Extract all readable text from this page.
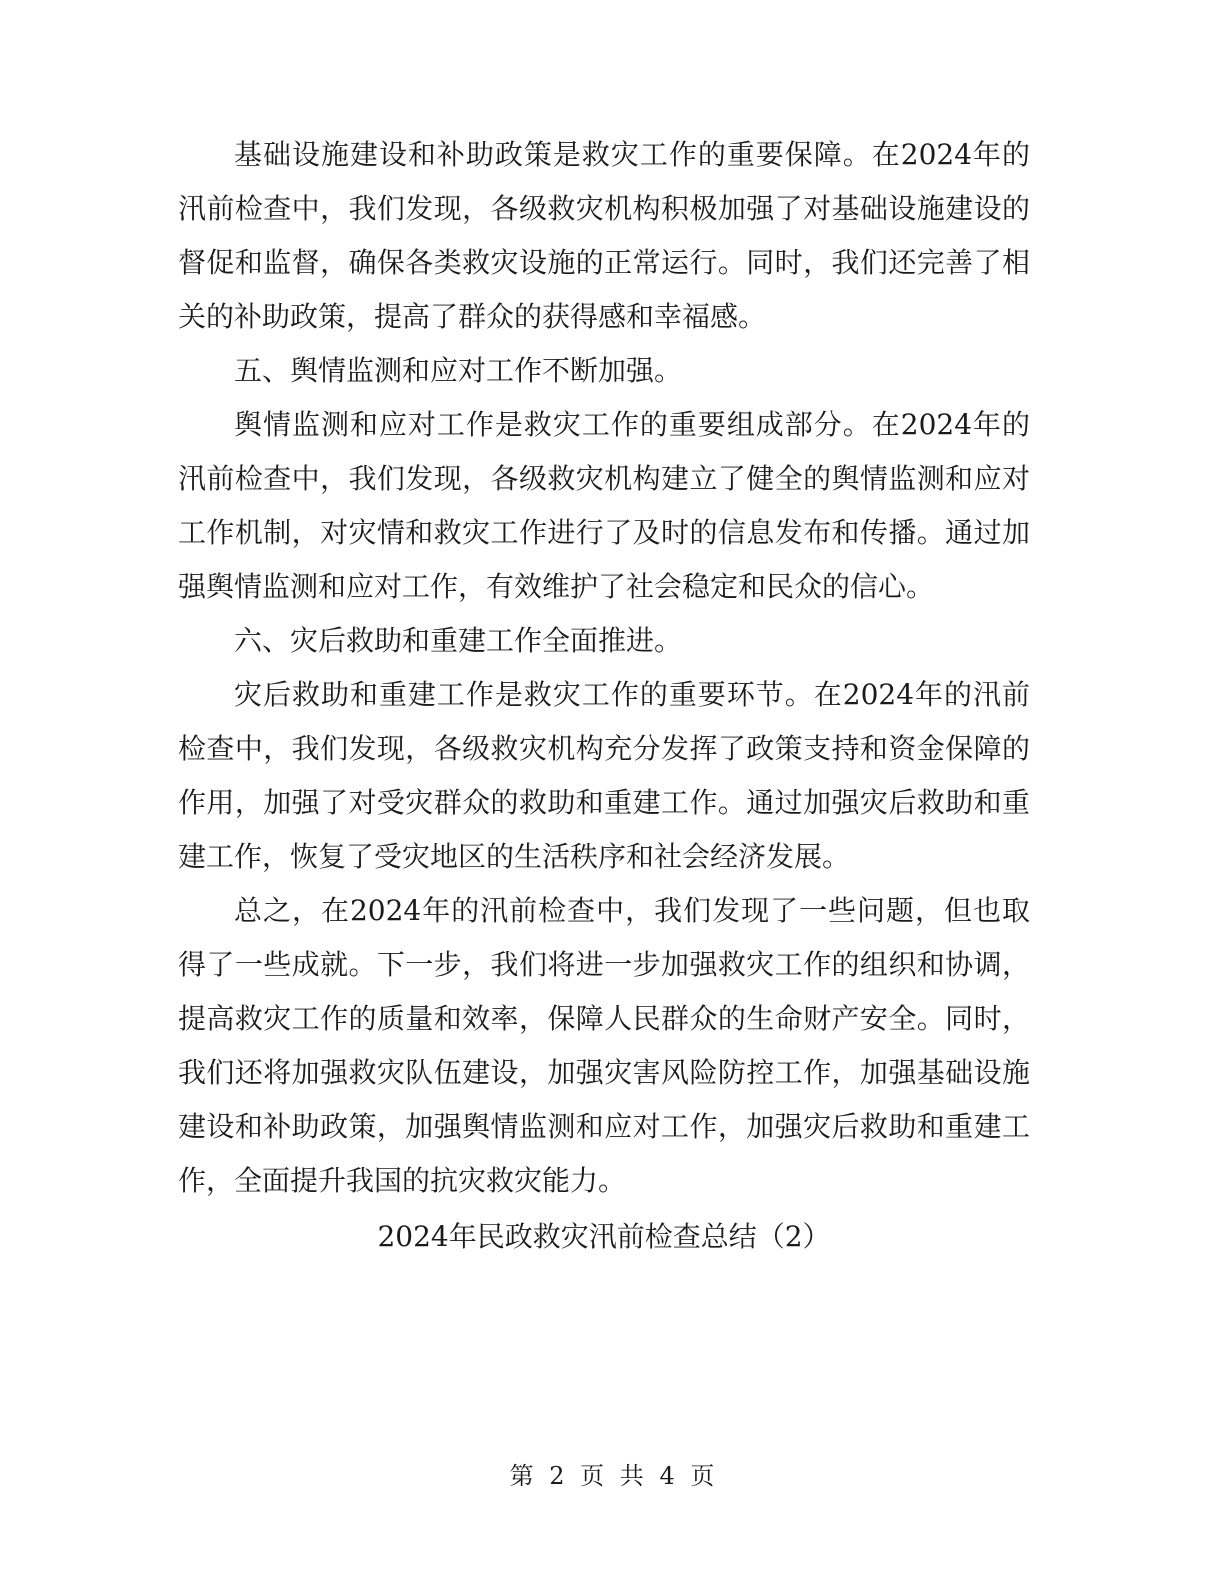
基础设施建设和补助政策是救灾工作的重要保障。在2024年的汛前检查中，我们发现，各级救灾机构积极加强了对基础设施建设的督促和监督，确保各类救灾设施的正常运行。同时，我们还完善了相关的补助政策，提高了群众的获得感和幸福感。

五、舆情监测和应对工作不断加强。

舆情监测和应对工作是救灾工作的重要组成部分。在2024年的汛前检查中，我们发现，各级救灾机构建立了健全的舆情监测和应对工作机制，对灾情和救灾工作进行了及时的信息发布和传播。通过加强舆情监测和应对工作，有效维护了社会稳定和民众的信心。

六、灾后救助和重建工作全面推进。

灾后救助和重建工作是救灾工作的重要环节。在2024年的汛前检查中，我们发现，各级救灾机构充分发挥了政策支持和资金保障的作用，加强了对受灾群众的救助和重建工作。通过加强灾后救助和重建工作，恢复了受灾地区的生活秩序和社会经济发展。

总之，在2024年的汛前检查中，我们发现了一些问题，但也取得了一些成就。下一步，我们将进一步加强救灾工作的组织和协调，提高救灾工作的质量和效率，保障人民群众的生命财产安全。同时，我们还将加强救灾队伍建设，加强灾害风险防控工作，加强基础设施建设和补助政策，加强舆情监测和应对工作，加强灾后救助和重建工作，全面提升我国的抗灾救灾能力。

2024年民政救灾汛前检查总结（2）

第 2 页 共 4 页
